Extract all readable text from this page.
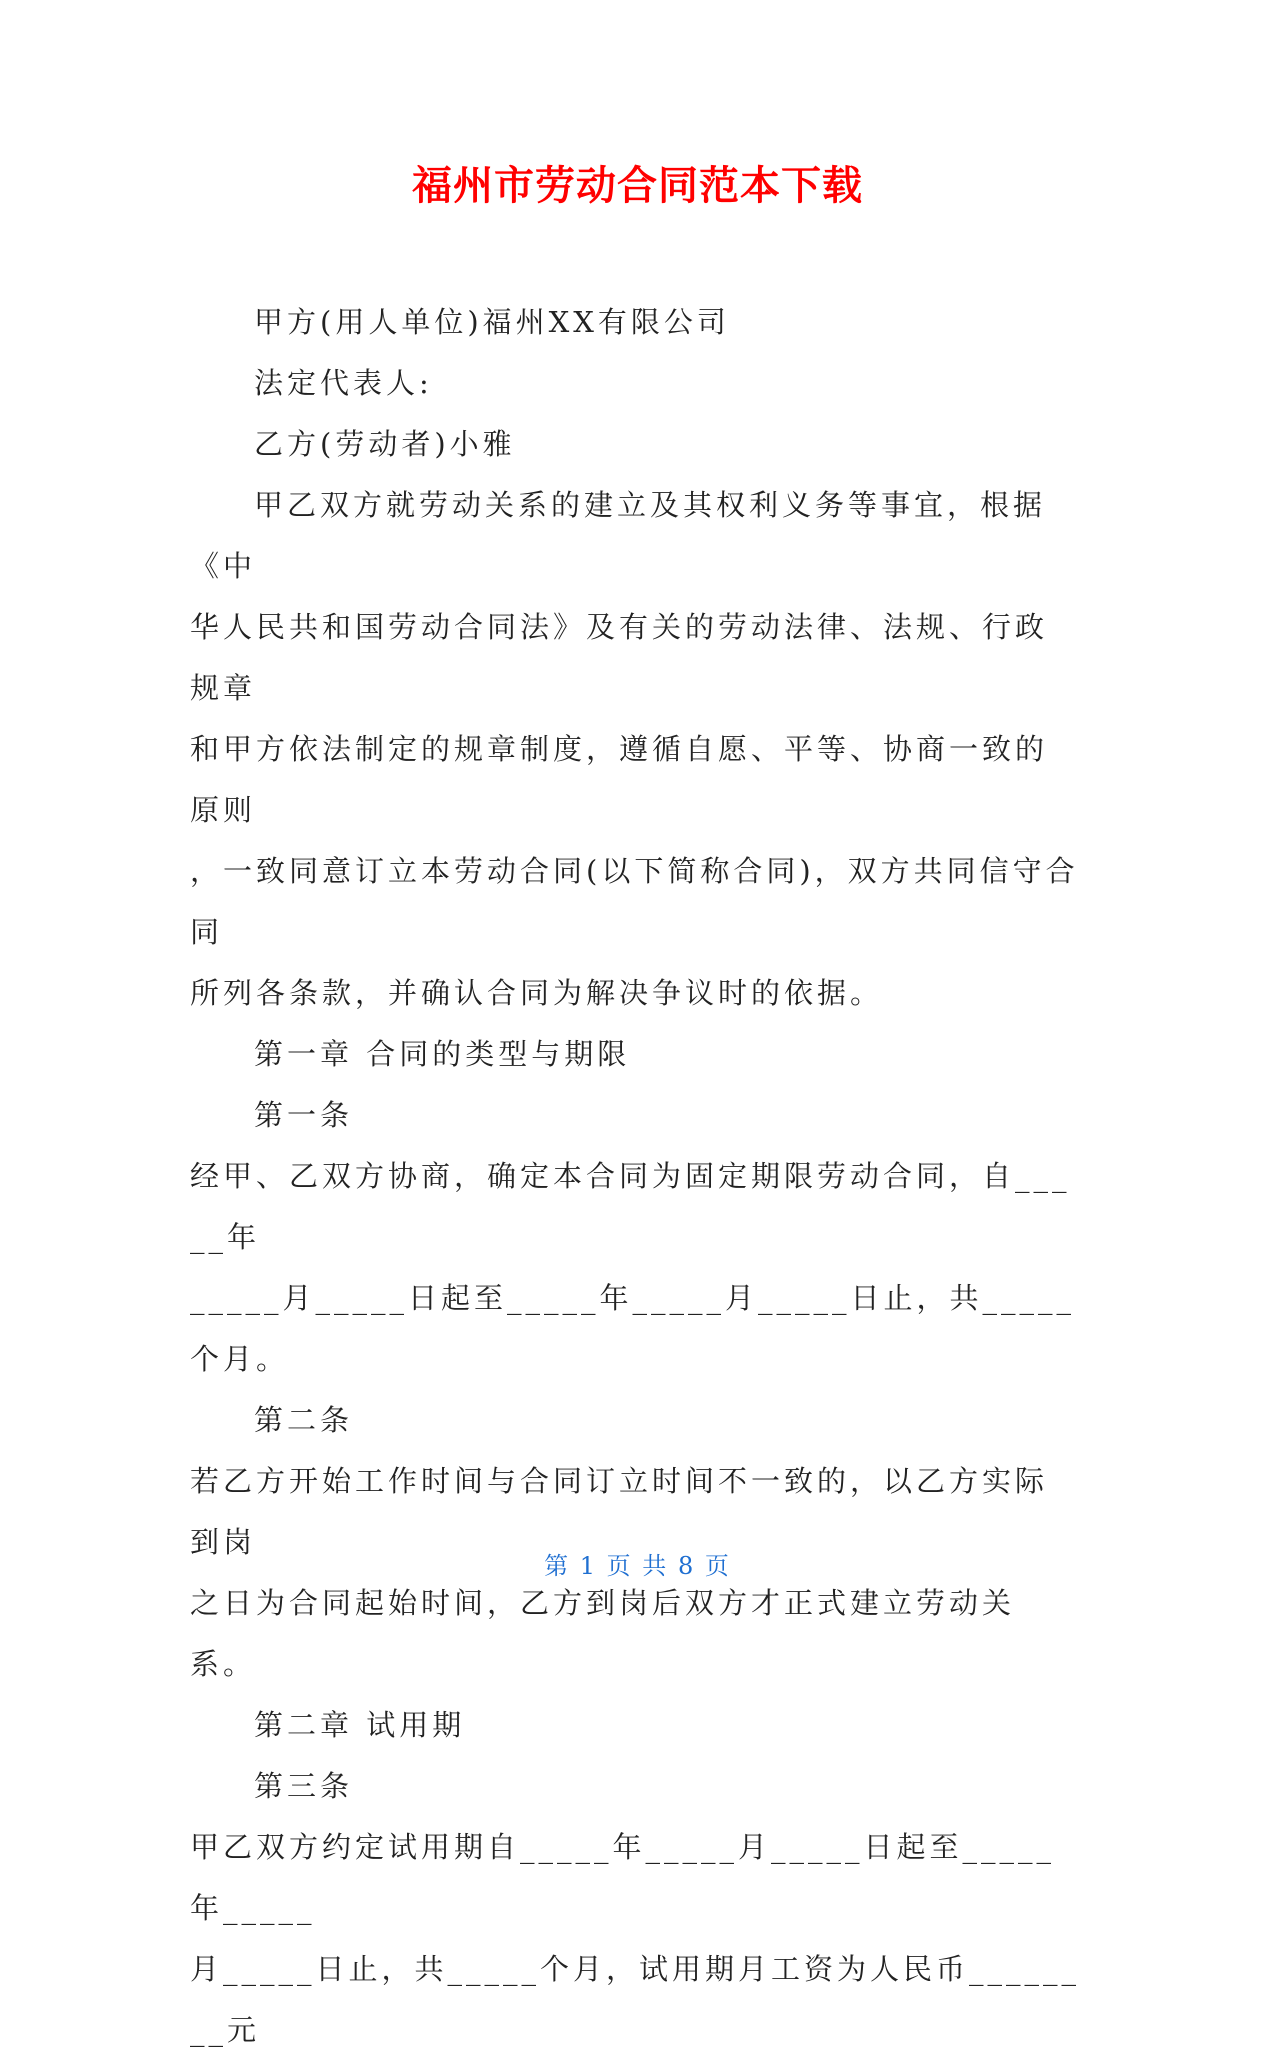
福州市劳动合同范本下载

甲方(用人单位)福州XX有限公司

法定代表人:

乙方(劳动者)小雅

甲乙双方就劳动关系的建立及其权利义务等事宜，根据《中

华人民共和国劳动合同法》及有关的劳动法律、法规、行政规章

和甲方依法制定的规章制度，遵循自愿、平等、协商一致的原则

，一致同意订立本劳动合同(以下简称合同)，双方共同信守合同

所列各条款，并确认合同为解决争议时的依据。

第一章 合同的类型与期限

第一条

经甲、乙双方协商，确定本合同为固定期限劳动合同，自_____年

_____月_____日起至_____年_____月_____日止，共_____个月。

第二条

若乙方开始工作时间与合同订立时间不一致的，以乙方实际到岗

之日为合同起始时间，乙方到岗后双方才正式建立劳动关系。

第二章 试用期

第三条

甲乙双方约定试用期自_____年_____月_____日起至_____年_____

月_____日止，共_____个月，试用期月工资为人民币________元

第 1 页 共 8 页
